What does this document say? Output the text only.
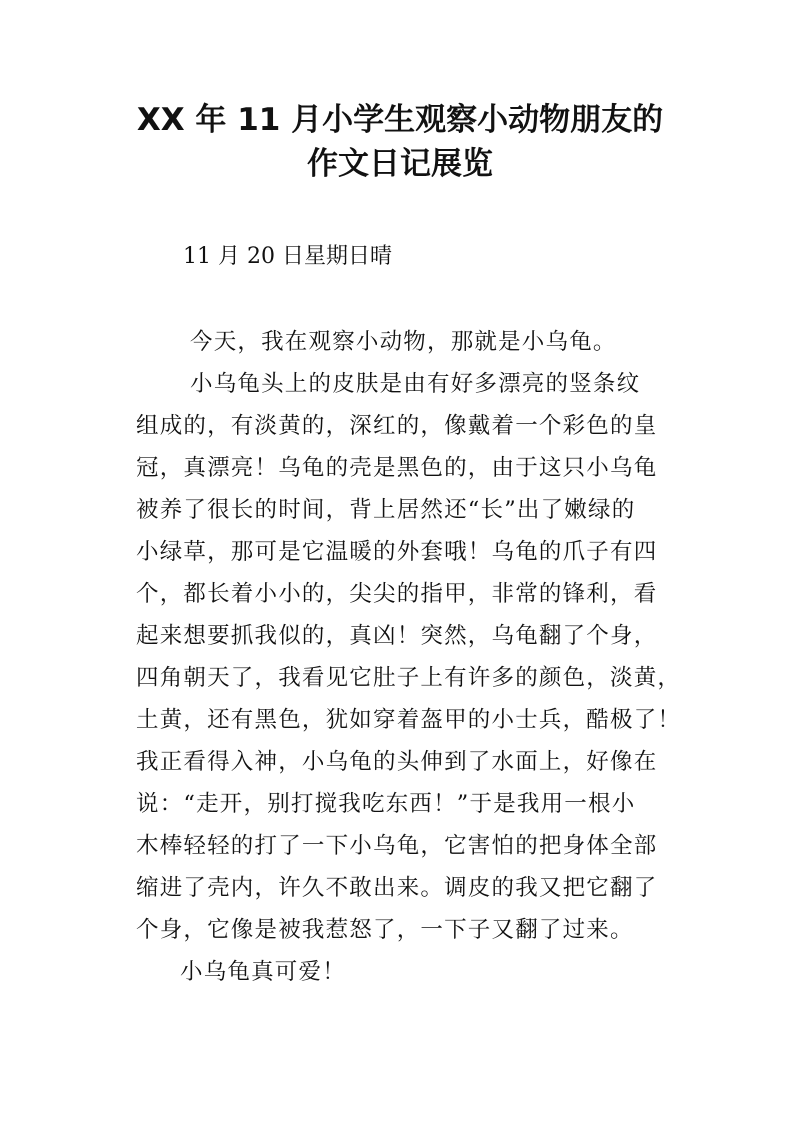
XX 年 11 月小学生观察小动物朋友的
作文日记展览
11 月 20 日星期日晴
今天，我在观察小动物，那就是小乌龟。
小乌龟头上的皮肤是由有好多漂亮的竖条纹
组成的，有淡黄的，深红的，像戴着一个彩色的皇
冠，真漂亮！乌龟的壳是黑色的，由于这只小乌龟
被养了很长的时间，背上居然还“长”出了嫩绿的
小绿草，那可是它温暖的外套哦！乌龟的爪子有四
个，都长着小小的，尖尖的指甲，非常的锋利，看
起来想要抓我似的，真凶！突然，乌龟翻了个身，
四角朝天了，我看见它肚子上有许多的颜色，淡黄，
土黄，还有黑色，犹如穿着盔甲的小士兵，酷极了！
我正看得入神，小乌龟的头伸到了水面上，好像在
说：“走开，别打搅我吃东西！”于是我用一根小
木棒轻轻的打了一下小乌龟，它害怕的把身体全部
缩进了壳内，许久不敢出来。调皮的我又把它翻了
个身，它像是被我惹怒了，一下子又翻了过来。
小乌龟真可爱！
